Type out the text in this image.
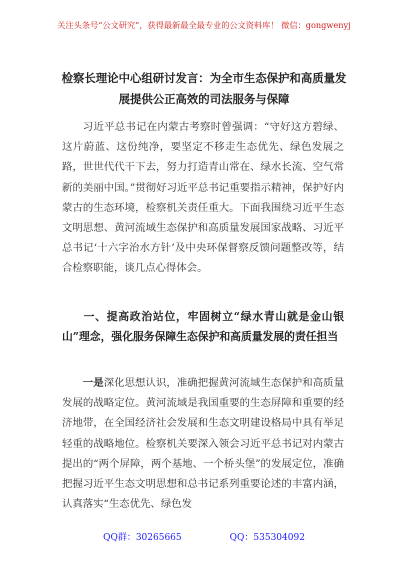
关注头条号“公文研究”，获得最新最全最专业的公文资料库！ 微信：gongwenyj
检察长理论中心组研讨发言：为全市生态保护和高质量发
展提供公正高效的司法服务与保障

习近平总书记在内蒙古考察时曾强调：“守好这方碧绿、这片蔚蓝、这份纯净，要坚定不移走生态优先、绿色发展之路，世世代代干下去，努力打造青山常在、绿水长流、空气常新的美丽中国。”贯彻好习近平总书记重要指示精神，保护好内蒙古的生态环境，检察机关责任重大。下面我围绕习近平生态文明思想、黄河流域生态保护和高质量发展国家战略、习近平总书记‘十六字治水方针’及中央环保督察反馈问题整改等，结合检察职能，谈几点心得体会。

一、提高政治站位，牢固树立“绿水青山就是金山银山”理念，强化服务保障生态保护和高质量发展的责任担当

一是深化思想认识，准确把握黄河流域生态保护和高质量发展的战略定位。黄河流域是我国重要的生态屏障和重要的经济地带，在全国经济社会发展和生态文明建设格局中具有举足轻重的战略地位。检察机关要深入领会习近平总书记对内蒙古提出的“两个屏障，两个基地、一个桥头堡”的发展定位，准确把握习近平生态文明思想和总书记系列重要论述的丰富内涵，认真落实“生态优先、绿色发

QQ群：30265665	QQ：535304092
